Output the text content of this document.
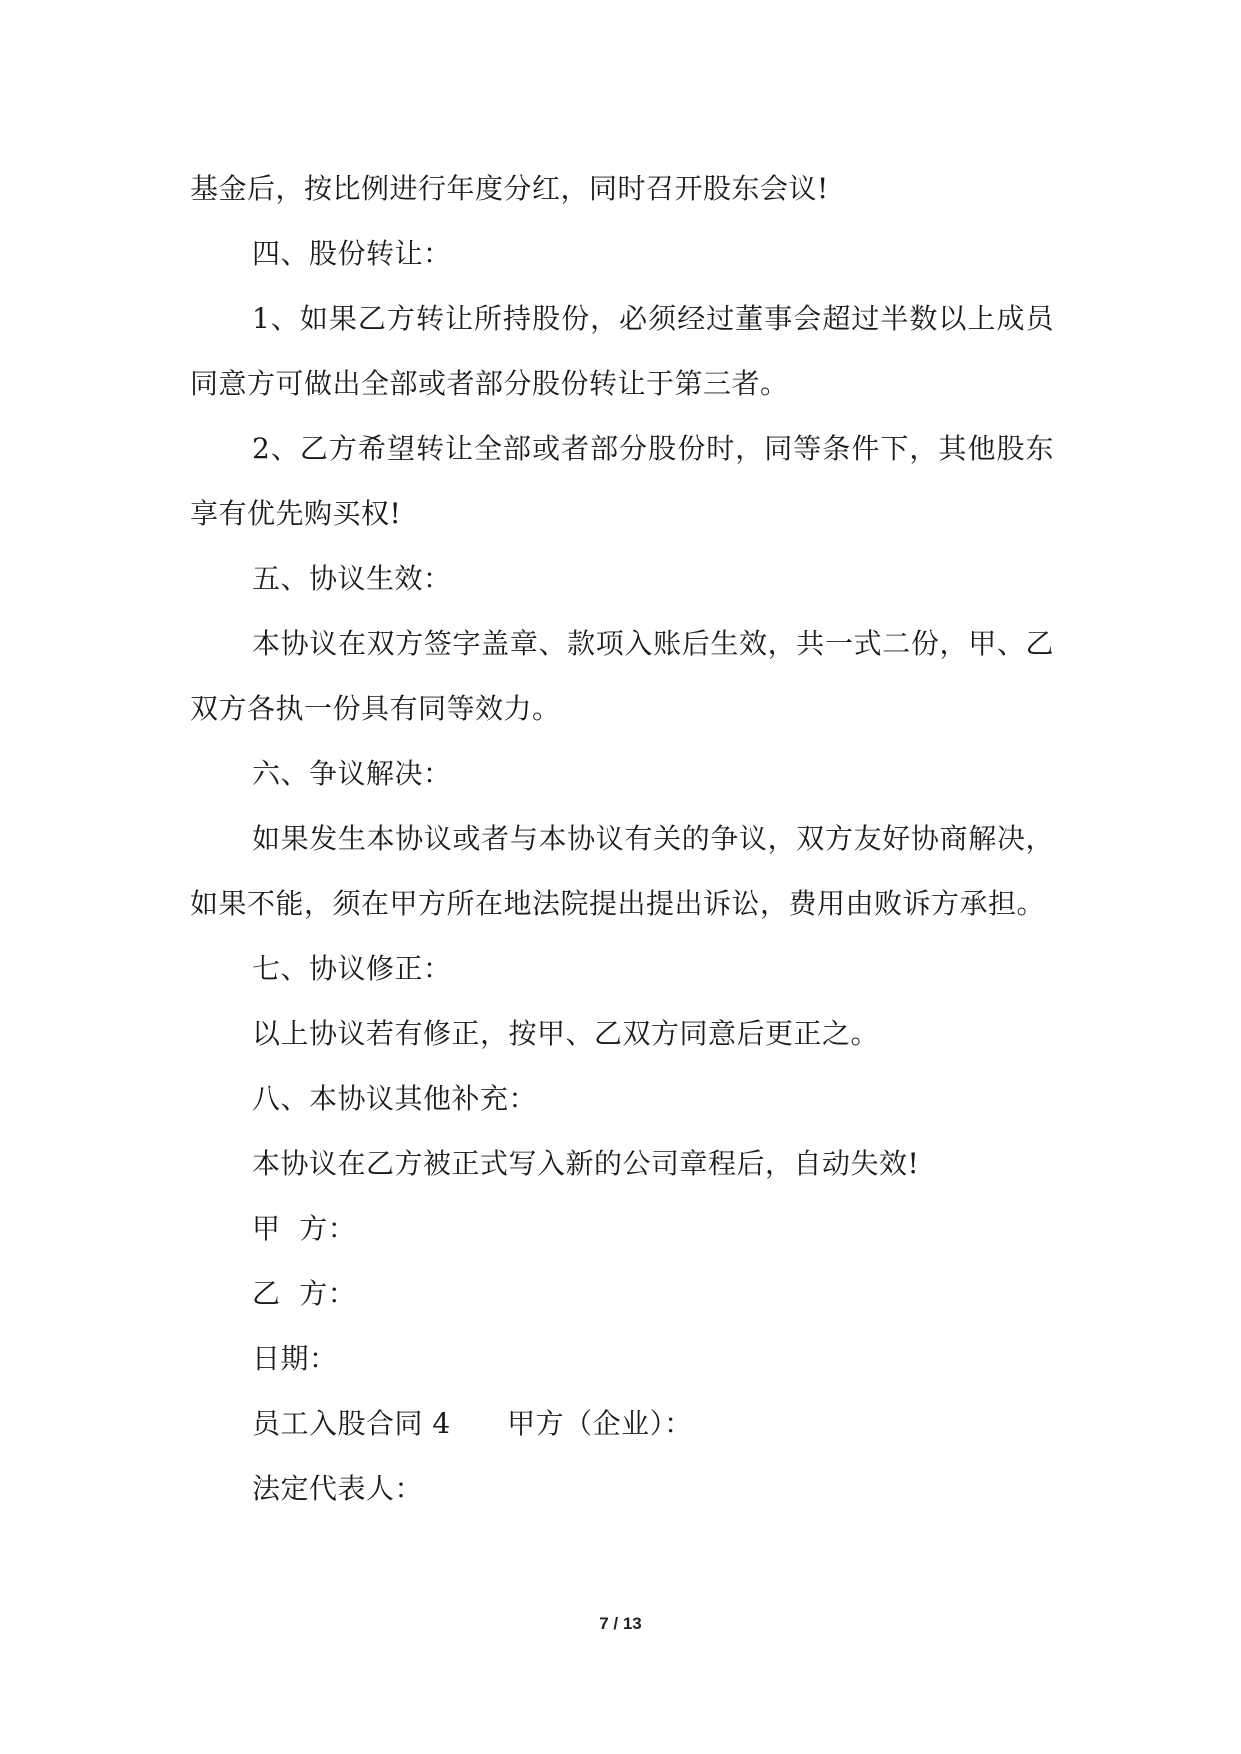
基金后，按比例进行年度分红，同时召开股东会议!

四、股份转让：

1、如果乙方转让所持股份，必须经过董事会超过半数以上成员同意方可做出全部或者部分股份转让于第三者。

2、乙方希望转让全部或者部分股份时，同等条件下，其他股东享有优先购买权!

五、协议生效：

本协议在双方签字盖章、款项入账后生效，共一式二份，甲、乙双方各执一份具有同等效力。

六、争议解决：

如果发生本协议或者与本协议有关的争议，双方友好协商解决，如果不能，须在甲方所在地法院提出提出诉讼，费用由败诉方承担。

七、协议修正：

以上协议若有修正，按甲、乙双方同意后更正之。

八、本协议其他补充：

本协议在乙方被正式写入新的公司章程后，自动失效!

甲  方：

乙  方：

日期：

员工入股合同 4      甲方（企业）：

法定代表人：

7 / 13
